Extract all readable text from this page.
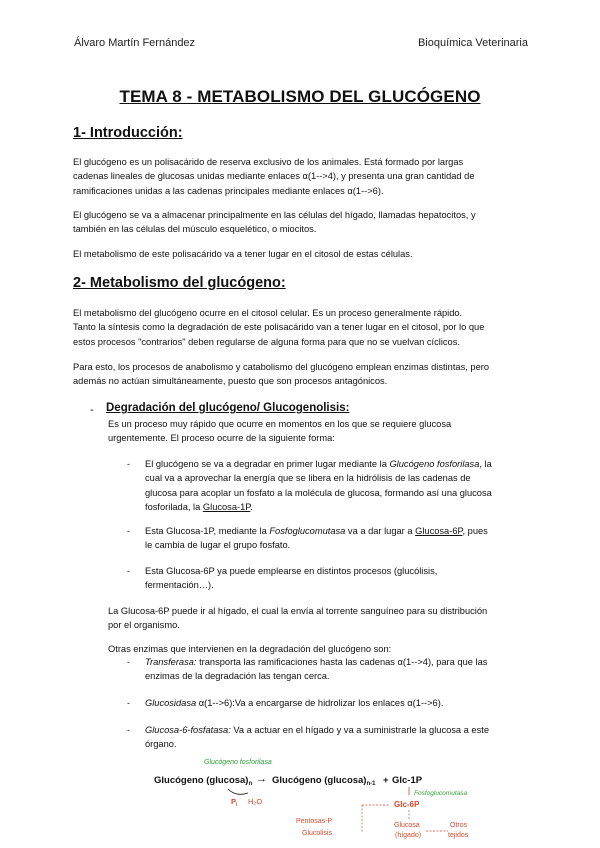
Álvaro Martín Fernández	Bioquímica Veterinaria
TEMA 8 - METABOLISMO DEL GLUCÓGENO
1- Introducción:
El glucógeno es un polisacárido de reserva exclusivo de los animales. Está formado por largas
cadenas lineales de glucosas unidas mediante enlaces α(1-->4), y presenta una gran cantidad de
ramificaciones unidas a las cadenas principales mediante enlaces α(1-->6).
El glucógeno se va a almacenar principalmente en las células del hígado, llamadas hepatocitos, y
también en las células del músculo esquelético, o miocitos.
El metabolismo de este polisacárido va a tener lugar en el citosol de estas células.
2- Metabolismo del glucógeno:
El metabolismo del glucógeno ocurre en el citosol celular. Es un proceso generalmente rápido.
Tanto la síntesis como la degradación de este polisacárido van a tener lugar en el citosol, por lo que
estos procesos "contrarios" deben regularse de alguna forma para que no se vuelvan cíclicos.
Para esto, los procesos de anabolismo y catabolismo del glucógeno emplean enzimas distintas, pero
además no actúan simultáneamente, puesto que son procesos antagónicos.
- Degradación del glucógeno/ Glucogenolisis:
Es un proceso muy rápido que ocurre en momentos en los que se requiere glucosa
urgentemente. El proceso ocurre de la siguiente forma:
- El glucógeno se va a degradar en primer lugar mediante la Glucógeno fosforilasa, la
cual va a aprovechar la energía que se libera en la hidrólisis de las cadenas de
glucosa para acoplar un fosfato a la molécula de glucosa, formando así una glucosa
fosforilada, la Glucosa-1P.
- Esta Glucosa-1P, mediante la Fosfoglucomutasa va a dar lugar a Glucosa-6P, pues
le cambia de lugar el grupo fosfato.
- Esta Glucosa-6P ya puede emplearse en distintos procesos (glucólisis,
fermentación…).
La Glucosa-6P puede ir al hígado, el cual la envía al torrente sanguíneo para su distribución
por el organismo.
Otras enzimas que intervienen en la degradación del glucógeno son:
- Transferasa: transporta las ramificaciones hasta las cadenas α(1-->4), para que las
enzimas de la degradación las tengan cerca.
- Glucosidasa α(1-->6):Va a encargarse de hidrolizar los enlaces α(1-->6).
- Glucosa-6-fosfatasa: Va a actuar en el hígado y va a suministrarle la glucosa a este
órgano.
Glucógeno fosforilasa
Glucógeno $(glucosa)_n$ → Glucógeno $(glucosa)_{n-1} + Glc-1P$
$P_i$ H₂O
Fosfoglucomutasa
Glc-6P
Pentosas-P
Glucolisis
Glucosa
(hígado)
Otros
tejidos
